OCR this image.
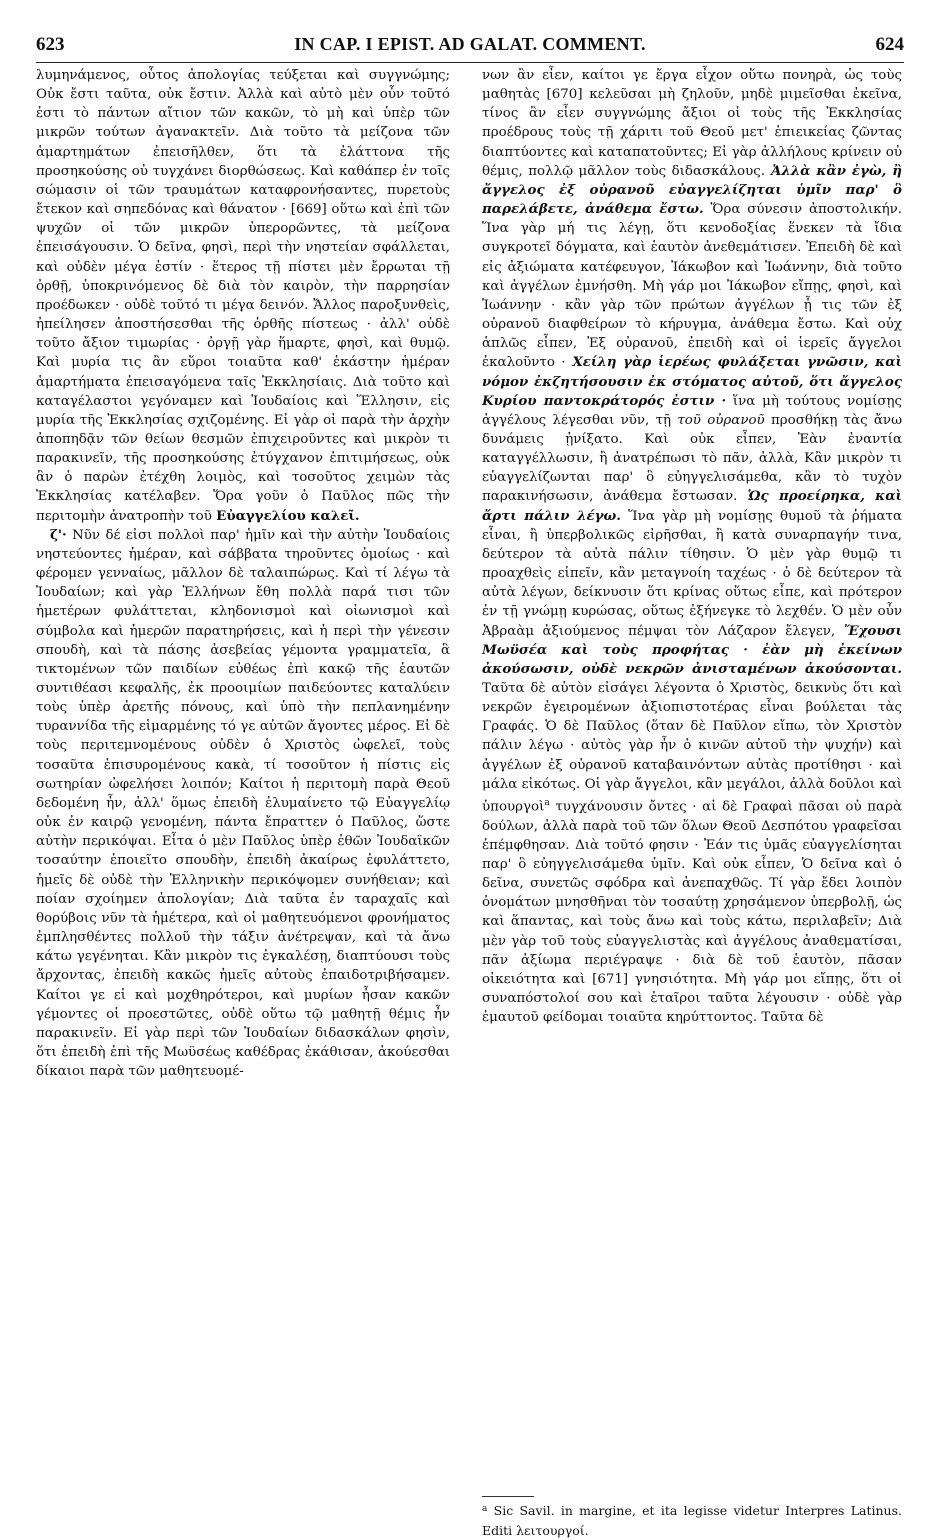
623	IN CAP. I EPIST. AD GALAT. COMMENT.	624

λυμηνάμενος, οὗτος ἀπολογίας τεύξεται καὶ συγγνώμης; Οὐκ ἔστι ταῦτα, οὐκ ἔστιν. Ἀλλὰ καὶ αὐτὸ μὲν οὖν τοῦτό ἐστι τὸ πάντων αἴτιον τῶν κακῶν, τὸ μὴ καὶ ὑπὲρ τῶν μικρῶν τούτων ἀγανακτεῖν. Διὰ τοῦτο τὰ μείζονα τῶν ἁμαρτημάτων ἐπεισῆλθεν, ὅτι τὰ ἐλάττονα τῆς προσηκούσης οὐ τυγχάνει διορθώσεως. Καὶ καθάπερ ἐν τοῖς σώμασιν οἱ τῶν τραυμάτων καταφρονήσαντες, πυρετοὺς ἔτεκον καὶ σηπεδόνας καὶ θάνατον · [669] οὕτω καὶ ἐπὶ τῶν ψυχῶν οἱ τῶν μικρῶν ὑπερορῶντες, τὰ μείζονα ἐπεισάγουσιν. Ὁ δεῖνα, φησὶ, περὶ τὴν νηστείαν σφάλλεται, καὶ οὐδὲν μέγα ἐστίν · ἕτερος τῇ πίστει μὲν ἔρρωται τῇ ὀρθῇ, ὑποκρινόμενος δὲ διὰ τὸν καιρὸν, τὴν παρρησίαν προέδωκεν · οὐδὲ τοῦτό τι μέγα δεινόν. Ἄλλος παροξυνθεὶς, ἠπείλησεν ἀποστήσεσθαι τῆς ὀρθῆς πίστεως · ἀλλ' οὐδὲ τοῦτο ἄξιον τιμωρίας · ὀργῇ γὰρ ἥμαρτε, φησὶ, καὶ θυμῷ. Καὶ μυρία τις ἂν εὕροι τοιαῦτα καθ' ἑκάστην ἡμέραν ἁμαρτήματα ἐπεισαγόμενα ταῖς Ἐκκλησίαις. Διὰ τοῦτο καὶ καταγέλαστοι γεγόναμεν καὶ Ἰουδαίοις καὶ Ἕλλησιν, εἰς μυρία τῆς Ἐκκλησίας σχιζομένης. Εἰ γὰρ οἱ παρὰ τὴν ἀρχὴν ἀποπηδᾷν τῶν θείων θεσμῶν ἐπιχειροῦντες καὶ μικρὸν τι παρακινεῖν, τῆς προσηκούσης ἐτύγχανον ἐπιτιμήσεως, οὐκ ἂν ὁ παρὼν ἐτέχθη λοιμὸς, καὶ τοσοῦτος χειμὼν τὰς Ἐκκλησίας κατέλαβεν. Ὅρα γοῦν ὁ Παῦλος πῶς τὴν περιτομὴν ἀνατροπὴν τοῦ Εὐαγγελίου καλεῖ.

ζ'· Νῦν δέ εἰσι πολλοὶ παρ' ἡμῖν καὶ τὴν αὐτὴν Ἰουδαίοις νηστεύοντες ἡμέραν, καὶ σάββατα τηροῦντες ὁμοίως · καὶ φέρομεν γενναίως, μᾶλλον δὲ ταλαιπώρως. Καὶ τί λέγω τὰ Ἰουδαίων; καὶ γὰρ Ἑλλήνων ἔθη πολλὰ παρά τισι τῶν ἡμετέρων φυλάττεται, κληδονισμοὶ καὶ οἰωνισμοὶ καὶ σύμβολα καὶ ἡμερῶν παρατηρήσεις, καὶ ἡ περὶ τὴν γένεσιν σπουδὴ, καὶ τὰ πάσης ἀσεβείας γέμοντα γραμματεῖα, ἃ τικτομένων τῶν παιδίων εὐθέως ἐπὶ κακῷ τῆς ἑαυτῶν συντιθέασι κεφαλῆς, ἐκ προοιμίων παιδεύοντες καταλύειν τοὺς ὑπὲρ ἀρετῆς πόνους, καὶ ὑπὸ τὴν πεπλανημένην τυραννίδα τῆς εἱμαρμένης τό γε αὐτῶν ἄγοντες μέρος. Εἰ δὲ τοὺς περιτεμνομένους οὐδὲν ὁ Χριστὸς ὠφελεῖ, τοὺς τοσαῦτα ἐπισυρομένους κακὰ, τί τοσοῦτον ἡ πίστις εἰς σωτηρίαν ὠφελήσει λοιπόν; Καίτοι ἡ περιτομὴ παρὰ Θεοῦ δεδομένη ἦν, ἀλλ' ὅμως ἐπειδὴ ἐλυμαίνετο τῷ Εὐαγγελίῳ οὐκ ἐν καιρῷ γενομένη, πάντα ἔπραττεν ὁ Παῦλος, ὥστε αὐτὴν περικόψαι. Εἶτα ὁ μὲν Παῦλος ὑπὲρ ἐθῶν Ἰουδαϊκῶν τοσαύτην ἐποιεῖτο σπουδὴν, ἐπειδὴ ἀκαίρως ἐφυλάττετο, ἡμεῖς δὲ οὐδὲ τὴν Ἑλληνικὴν περικόψομεν συνήθειαν; καὶ ποίαν σχοίημεν ἀπολογίαν; Διὰ ταῦτα ἐν ταραχαῖς καὶ θορύβοις νῦν τὰ ἡμέτερα, καὶ οἱ μαθητευόμενοι φρονήματος ἐμπλησθέντες πολλοῦ τὴν τάξιν ἀνέτρεψαν, καὶ τὰ ἄνω κάτω γεγένηται. Κἂν μικρὸν τις ἐγκαλέσῃ, διαπτύουσι τοὺς ἄρχοντας, ἐπειδὴ κακῶς ἡμεῖς αὐτοὺς ἐπαιδοτριβήσαμεν. Καίτοι γε εἰ καὶ μοχθηρότεροι, καὶ μυρίων ἦσαν κακῶν γέμοντες οἱ προεστῶτες, οὐδὲ οὕτω τῷ μαθητῇ θέμις ἦν παρακινεῖν. Εἰ γὰρ περὶ τῶν Ἰουδαίων διδασκάλων φησὶν, ὅτι ἐπειδὴ ἐπὶ τῆς Μωϋσέως καθέδρας ἐκάθισαν, ἀκούεσθαι δίκαιοι παρὰ τῶν μαθητευομέ-

νων ἂν εἶεν, καίτοι γε ἔργα εἶχον οὕτω πονηρὰ, ὡς τοὺς μαθητὰς [670] κελεῦσαι μὴ ζηλοῦν, μηδὲ μιμεῖσθαι ἐκεῖνα, τίνος ἂν εἶεν συγγνώμης ἄξιοι οἱ τοὺς τῆς Ἐκκλησίας προέδρους τοὺς τῇ χάριτι τοῦ Θεοῦ μετ' ἐπιεικείας ζῶντας διαπτύοντες καὶ καταπατοῦντες; Εἰ γὰρ ἀλλήλους κρίνειν οὐ θέμις, πολλῷ μᾶλλον τοὺς διδασκάλους. Ἀλλὰ κἂν ἐγὼ, ἢ ἄγγελος ἐξ οὐρανοῦ εὐαγγελίζηται ὑμῖν παρ' ὃ παρελάβετε, ἀνάθεμα ἔστω. Ὅρα σύνεσιν ἀποστολικήν. Ἵνα γὰρ μή τις λέγῃ, ὅτι κενοδοξίας ἕνεκεν τὰ ἴδια συγκροτεῖ δόγματα, καὶ ἑαυτὸν ἀνεθεμάτισεν. Ἐπειδὴ δὲ καὶ εἰς ἀξιώματα κατέφευγον, Ἰάκωβον καὶ Ἰωάννην, διὰ τοῦτο καὶ ἀγγέλων ἐμνήσθη. Μὴ γάρ μοι Ἰάκωβον εἴπῃς, φησὶ, καὶ Ἰωάννην · κἂν γὰρ τῶν πρώτων ἀγγέλων ᾖ τις τῶν ἐξ οὐρανοῦ διαφθείρων τὸ κήρυγμα, ἀνάθεμα ἔστω. Καὶ οὐχ ἁπλῶς εἶπεν, Ἐξ οὐρανοῦ, ἐπειδὴ καὶ οἱ ἱερεῖς ἄγγελοι ἐκαλοῦντο · Χείλη γὰρ ἱερέως φυλάξεται γνῶσιν, καὶ νόμον ἐκζητήσουσιν ἐκ στόματος αὐτοῦ, ὅτι ἄγγελος Κυρίου παντοκράτορός ἐστιν · ἵνα μὴ τούτους νομίσῃς ἀγγέλους λέγεσθαι νῦν, τῇ τοῦ οὐρανοῦ προσθήκῃ τὰς ἄνω δυνάμεις ᾐνίξατο. Καὶ οὐκ εἶπεν, Ἐὰν ἐναντία καταγγέλλωσιν, ἢ ἀνατρέπωσι τὸ πᾶν, ἀλλὰ, Κἂν μικρὸν τι εὐαγγελίζωνται παρ' ὃ εὐηγγελισάμεθα, κἂν τὸ τυχὸν παρακινήσωσιν, ἀνάθεμα ἔστωσαν. Ὡς προείρηκα, καὶ ἄρτι πάλιν λέγω. Ἵνα γὰρ μὴ νομίσῃς θυμοῦ τὰ ῥήματα εἶναι, ἢ ὑπερβολικῶς εἰρῆσθαι, ἢ κατὰ συναρπαγήν τινα, δεύτερον τὰ αὐτὰ πάλιν τίθησιν. Ὁ μὲν γὰρ θυμῷ τι προαχθεὶς εἰπεῖν, κἂν μεταγνοίη ταχέως · ὁ δὲ δεύτερον τὰ αὐτὰ λέγων, δείκνυσιν ὅτι κρίνας οὕτως εἶπε, καὶ πρότερον ἐν τῇ γνώμῃ κυρώσας, οὕτως ἐξήνεγκε τὸ λεχθέν. Ὁ μὲν οὖν Ἀβραὰμ ἀξιούμενος πέμψαι τὸν Λάζαρον ἔλεγεν, Ἔχουσι Μωϋσέα καὶ τοὺς προφήτας · ἐὰν μὴ ἐκείνων ἀκούσωσιν, οὐδὲ νεκρῶν ἀνισταμένων ἀκούσονται. Ταῦτα δὲ αὐτὸν εἰσάγει λέγοντα ὁ Χριστὸς, δεικνὺς ὅτι καὶ νεκρῶν ἐγειρομένων ἀξιοπιστοτέρας εἶναι βούλεται τὰς Γραφάς. Ὁ δὲ Παῦλος (ὅταν δὲ Παῦλον εἴπω, τὸν Χριστὸν πάλιν λέγω · αὐτὸς γὰρ ἦν ὁ κινῶν αὐτοῦ τὴν ψυχήν) καὶ ἀγγέλων ἐξ οὐρανοῦ καταβαινόντων αὐτὰς προτίθησι · καὶ μάλα εἰκότως. Οἱ γὰρ ἄγγελοι, κἂν μεγάλοι, ἀλλὰ δοῦλοι καὶ ὑπουργοὶ$^a$ τυγχάνουσιν ὄντες · αἱ δὲ Γραφαὶ πᾶσαι οὐ παρὰ δούλων, ἀλλὰ παρὰ τοῦ τῶν ὅλων Θεοῦ Δεσπότου γραφεῖσαι ἐπέμφθησαν. Διὰ τοῦτό φησιν · Ἐάν τις ὑμᾶς εὐαγγελίσηται παρ' ὃ εὐηγγελισάμεθα ὑμῖν. Καὶ οὐκ εἶπεν, Ὁ δεῖνα καὶ ὁ δεῖνα, συνετῶς σφόδρα καὶ ἀνεπαχθῶς. Τί γὰρ ἔδει λοιπὸν ὀνομάτων μνησθῆναι τὸν τοσαύτῃ χρησάμενον ὑπερβολῇ, ὡς καὶ ἅπαντας, καὶ τοὺς ἄνω καὶ τοὺς κάτω, περιλαβεῖν; Διὰ μὲν γὰρ τοῦ τοὺς εὐαγγελιστὰς καὶ ἀγγέλους ἀναθεματίσαι, πᾶν ἀξίωμα περιέγραψε · διὰ δὲ τοῦ ἑαυτὸν, πᾶσαν οἰκειότητα καὶ [671] γνησιότητα. Μὴ γάρ μοι εἴπῃς, ὅτι οἱ συναπόστολοί σου καὶ ἑταῖροι ταῦτα λέγουσιν · οὐδὲ γὰρ ἐμαυτοῦ φείδομαι τοιαῦτα κηρύττοντος. Ταῦτα δὲ

$^a$ Sic Savil. in margine, et ita legisse videtur Interpres Latinus. Editi λειτουργοί.
